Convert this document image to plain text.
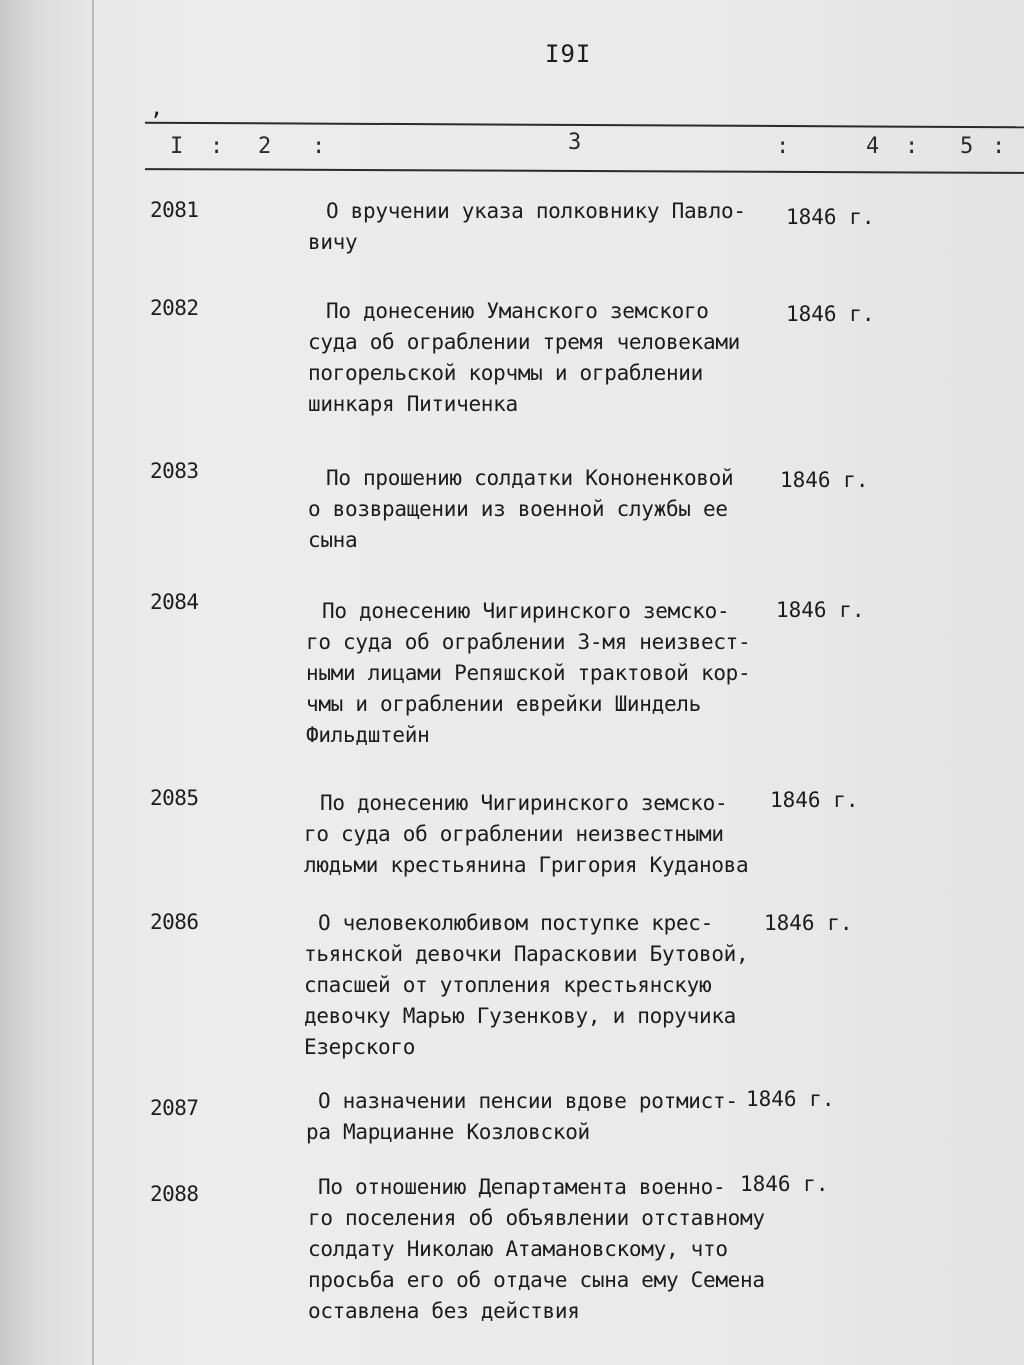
I9I
,
I : 2 :	3	:	4 : 5 :
2081	О вручении указа полковнику Павло-
вичу
1846 г.
2082	По донесению Уманского земского
суда об ограблении тремя человеками
погорельской корчмы и ограблении
шинкаря Питиченка
1846 г.
2083	По прошению солдатки Кононенковой
о возвращении из военной службы ее
сына
1846 г.
2084	По донесению Чигиринского земско-
го суда об ограблении 3-мя неизвест-
ными лицами Репяшской трактовой кор-
чмы и ограблении еврейки Шиндель
Фильдштейн
1846 г.
2085	По донесению Чигиринского земско-
го суда об ограблении неизвестными
людьми крестьянина Григория Куданова
1846 г.
2086	О человеколюбивом поступке крес-
тьянской девочки Парасковии Бутовой,
спасшей от утопления крестьянскую
девочку Марью Гузенкову, и поручика
Езерского
1846 г.
2087	О назначении пенсии вдове ротмист-
ра Марцианне Козловской
1846 г.
2088	По отношению Департамента военно-
го поселения об объявлении отставному
солдату Николаю Атамановскому, что
просьба его об отдаче сына ему Семена
оставлена без действия
1846 г.
